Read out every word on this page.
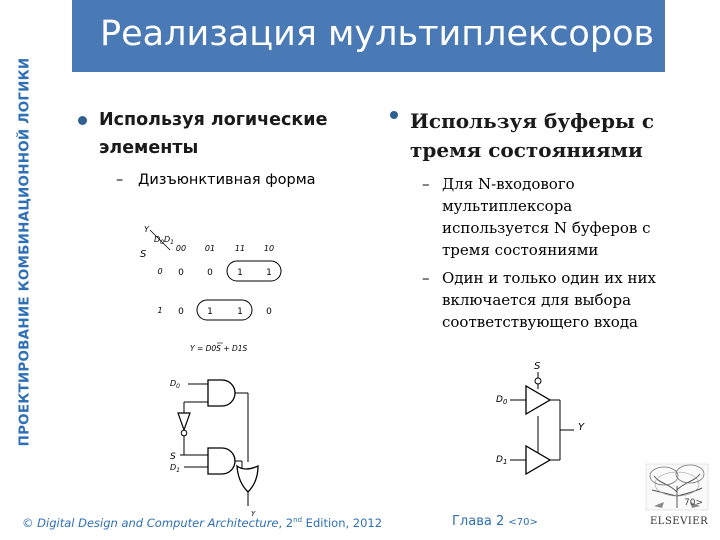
ПРОЕКТИРОВАНИЕ КОМБИНАЦИОННОЙ ЛОГИКИ
Реализация мультиплексоров
Используя логические элементы
– Дизъюнктивная форма
Y
$D_0D_1$
S
00 01 11 10
0
1
0	0	1	1
0	1	1	0
Y = D0S + D1S
$D_0$
S
$D_1$
Y
Используя буферы с
тремя состояниями
– Для N-входового
мультиплексора
используется N буферов с
тремя состояниями
– Один и только один их них
включается для выбора
соответствующего входа
S
$D_0$
$D_1$
Y
© Digital Design and Computer Architecture, 2nd Edition, 2012	Глава 2 <70>
70>
ELSEVIER
